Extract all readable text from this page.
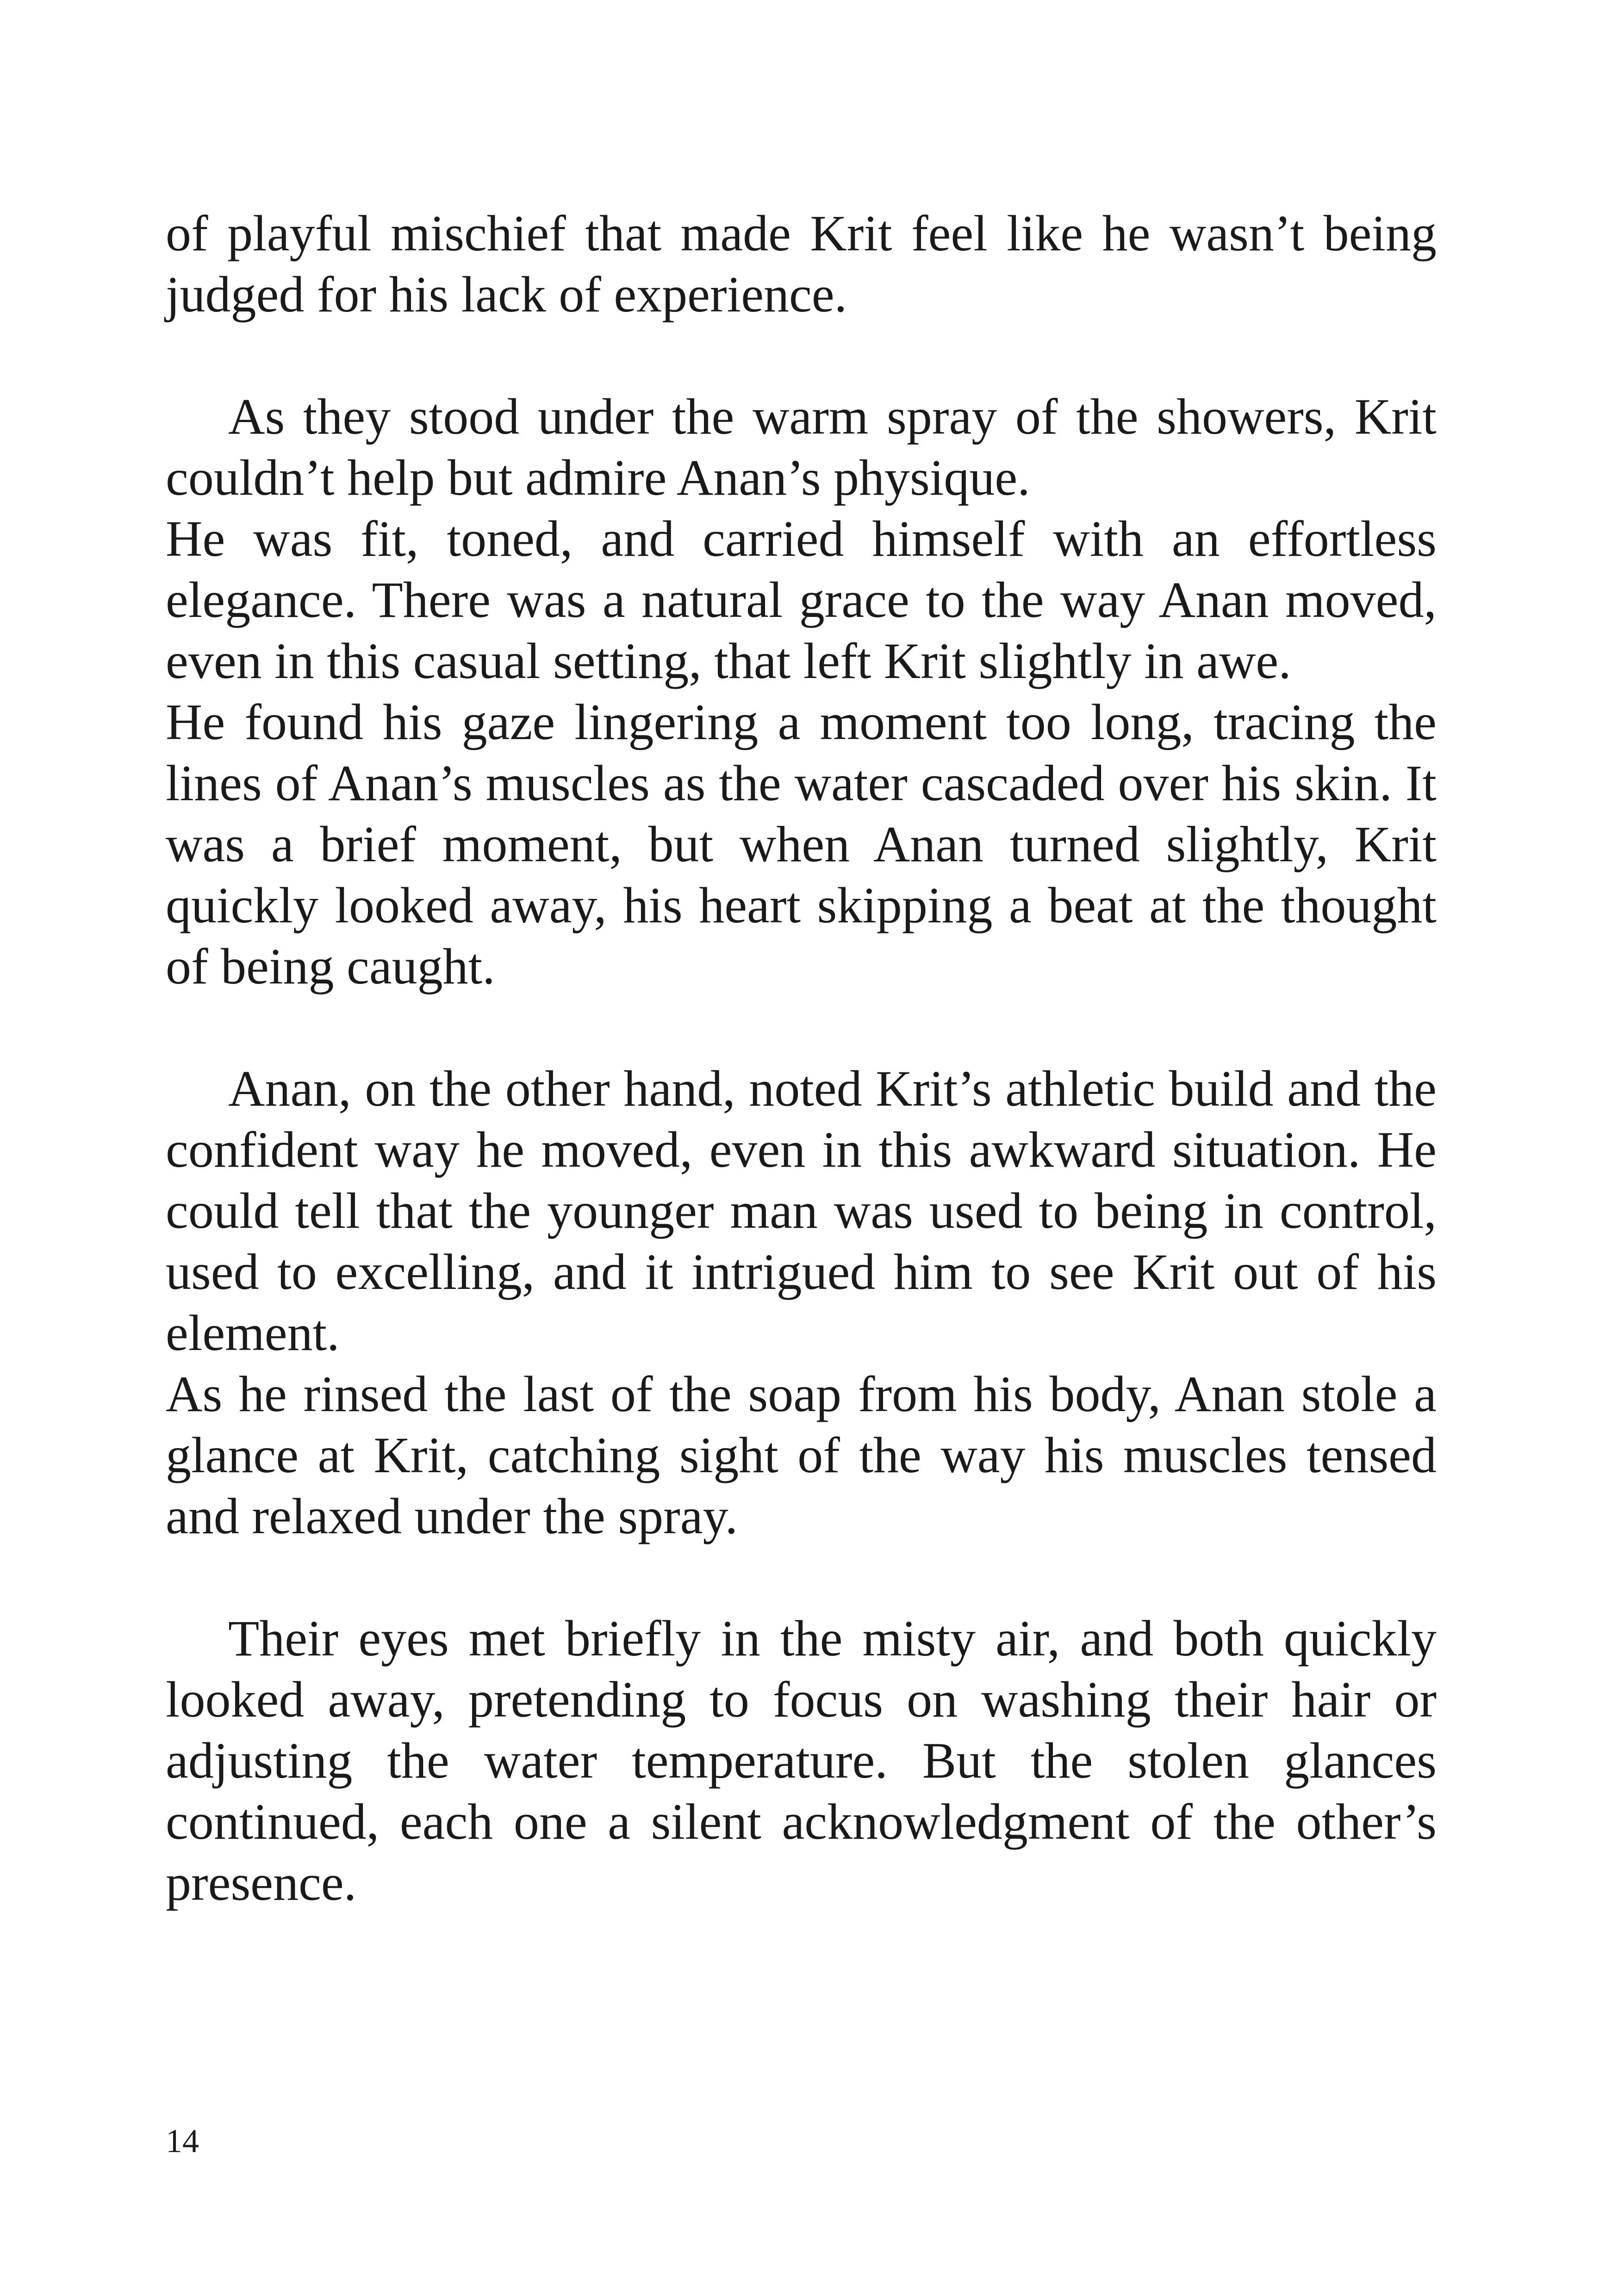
of playful mischief that made Krit feel like he wasn’t being judged for his lack of experience.

As they stood under the warm spray of the showers, Krit couldn’t help but admire Anan’s physique.

He was fit, toned, and carried himself with an effortless elegance. There was a natural grace to the way Anan moved, even in this casual setting, that left Krit slightly in awe.

He found his gaze lingering a moment too long, tracing the lines of Anan’s muscles as the water cascaded over his skin. It was a brief moment, but when Anan turned slightly, Krit quickly looked away, his heart skipping a beat at the thought of being caught.

Anan, on the other hand, noted Krit’s athletic build and the confident way he moved, even in this awkward situation. He could tell that the younger man was used to being in control, used to excelling, and it intrigued him to see Krit out of his element.

As he rinsed the last of the soap from his body, Anan stole a glance at Krit, catching sight of the way his muscles tensed and relaxed under the spray.

Their eyes met briefly in the misty air, and both quickly looked away, pretending to focus on washing their hair or adjusting the water temperature. But the stolen glances continued, each one a silent acknowledgment of the other’s presence.

14
